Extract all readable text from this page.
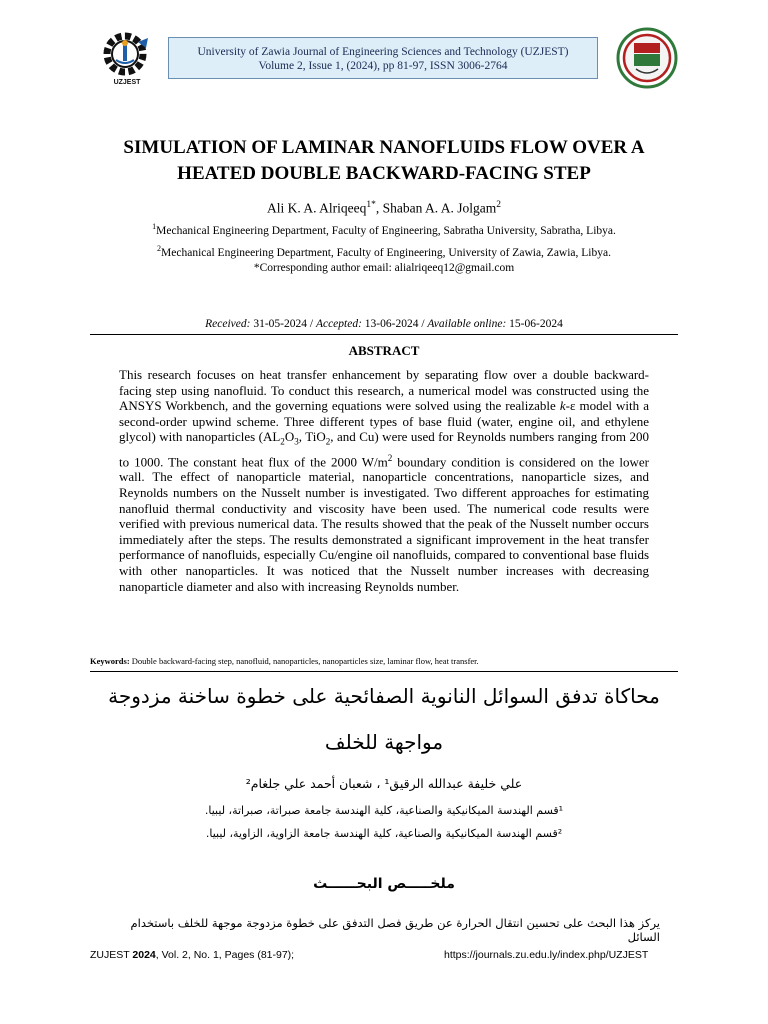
UZJEST
University of Zawia Journal of Engineering Sciences and Technology (UZJEST)
Volume 2, Issue 1, (2024), pp 81-97, ISSN 3006-2764
SIMULATION OF LAMINAR NANOFLUIDS FLOW OVER A
HEATED DOUBLE BACKWARD-FACING STEP
Ali K. A. Alriqeeq$^{1*}$, Shaban A. A. Jolgam$^2$
$^1$Mechanical Engineering Department, Faculty of Engineering, Sabratha University, Sabratha, Libya.
$^2$Mechanical Engineering Department, Faculty of Engineering, University of Zawia, Zawia, Libya.
*Corresponding author email: alialriqeeq12@gmail.com
Received: 31-05-2024 / Accepted: 13-06-2024 / Available online: 15-06-2024
ABSTRACT
This research focuses on heat transfer enhancement by separating flow over a double backward-facing step using nanofluid. To conduct this research, a numerical model was constructed using the ANSYS Workbench, and the governing equations were solved using the realizable k-ε model with a second-order upwind scheme. Three different types of base fluid (water, engine oil, and ethylene glycol) with nanoparticles ($AL_2O_3$, TiO$_2$, and Cu) were used for Reynolds numbers ranging from 200 to 1000. The constant heat flux of the 2000 $W/m^2$ boundary condition is considered on the lower wall. The effect of nanoparticle material, nanoparticle concentrations, nanoparticle sizes, and Reynolds numbers on the Nusselt number is investigated. Two different approaches for estimating nanofluid thermal conductivity and viscosity have been used. The numerical code results were verified with previous numerical data. The results showed that the peak of the Nusselt number occurs immediately after the steps. The results demonstrated a significant improvement in the heat transfer performance of nanofluids, especially Cu/engine oil nanofluids, compared to conventional base fluids with other nanoparticles. It was noticed that the Nusselt number increases with decreasing nanoparticle diameter and also with increasing Reynolds number.
Keywords: Double backward-facing step, nanofluid, nanoparticles, nanoparticles size, laminar flow, heat transfer.
محاكاة تدفق السوائل النانوية الصفائحية على خطوة ساخنة مزدوجة
مواجهة للخلف
علي خليفة عبدالله الرقيق¹ ، شعبان أحمد علي جلغام²
¹قسم الهندسة الميكانيكية والصناعية، كلية الهندسة جامعة صبراتة، صبراتة، ليبيا.
²قسم الهندسة الميكانيكية والصناعية، كلية الهندسة جامعة الزاوية، الزاوية، ليبيا.
ملخـــــص البحــــــث
يركز هذا البحث على تحسين انتقال الحرارة عن طريق فصل التدفق على خطوة مزدوجة موجهة للخلف باستخدام السائل
ZUJEST 2024, Vol. 2, No. 1, Pages (81-97);	https://journals.zu.edu.ly/index.php/UZJEST
